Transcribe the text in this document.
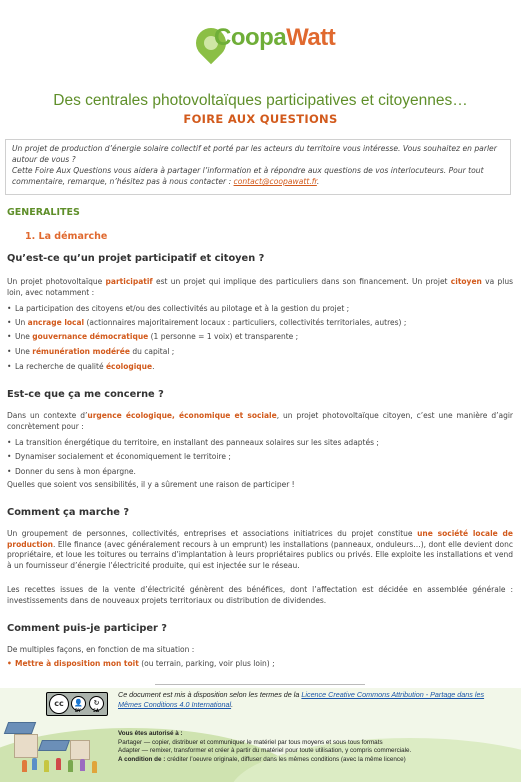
CoopaWatt
Des centrales photovoltaïques participatives et citoyennes…
FOIRE AUX QUESTIONS
Un projet de production d’énergie solaire collectif et porté par les acteurs du territoire vous intéresse. Vous souhaitez en parler autour de vous ?
Cette Foire Aux Questions vous aidera à partager l’information et à répondre aux questions de vos interlocuteurs. Pour tout commentaire, remarque, n’hésitez pas à nous contacter : contact@coopawatt.fr.
GENERALITES
1. La démarche
Qu’est-ce qu’un projet participatif et citoyen ?
Un projet photovoltaïque participatif est un projet qui implique des particuliers dans son financement. Un projet citoyen va plus loin, avec notamment :
• La participation des citoyens et/ou des collectivités au pilotage et à la gestion du projet ;
• Un ancrage local (actionnaires majoritairement locaux : particuliers, collectivités territoriales, autres) ;
• Une gouvernance démocratique (1 personne = 1 voix) et transparente ;
• Une rémunération modérée du capital ;
• La recherche de qualité écologique.
Est-ce que ça me concerne ?
Dans un contexte d’urgence écologique, économique et sociale, un projet photovoltaïque citoyen, c’est une manière d’agir concrètement pour :
• La transition énergétique du territoire, en installant des panneaux solaires sur les sites adaptés ;
• Dynamiser socialement et économiquement le territoire ;
• Donner du sens à mon épargne.
Quelles que soient vos sensibilités, il y a sûrement une raison de participer !
Comment ça marche ?
Un groupement de personnes, collectivités, entreprises et associations initiatrices du projet constitue une société locale de production. Elle finance (avec généralement recours à un emprunt) les installations (panneaux, onduleurs…), dont elle devient donc propriétaire, et loue les toitures ou terrains d’implantation à leurs propriétaires publics ou privés. Elle exploite les installations et vend à un fournisseur d’énergie l’électricité produite, qui est injectée sur le réseau.
Les recettes issues de la vente d’électricité génèrent des bénéfices, dont l’affectation est décidée en assemblée générale : investissements dans de nouveaux projets territoriaux ou distribution de dividendes.
Comment puis-je participer ?
De multiples façons, en fonction de ma situation :
• Mettre à disposition mon toit (ou terrain, parking, voir plus loin) ;
cc	👤	↻
BY	SA
Ce document est mis à disposition selon les termes de la Licence Creative Commons Attribution - Partage dans les Mêmes Conditions 4.0 International.
Vous êtes autorisé à :
Partager — copier, distribuer et communiquer le matériel par tous moyens et sous tous formats
Adapter — remixer, transformer et créer à partir du matériel pour toute utilisation, y compris commerciale.
A condition de : créditer l’oeuvre originale, diffuser dans les mêmes conditions (avec la même licence)
